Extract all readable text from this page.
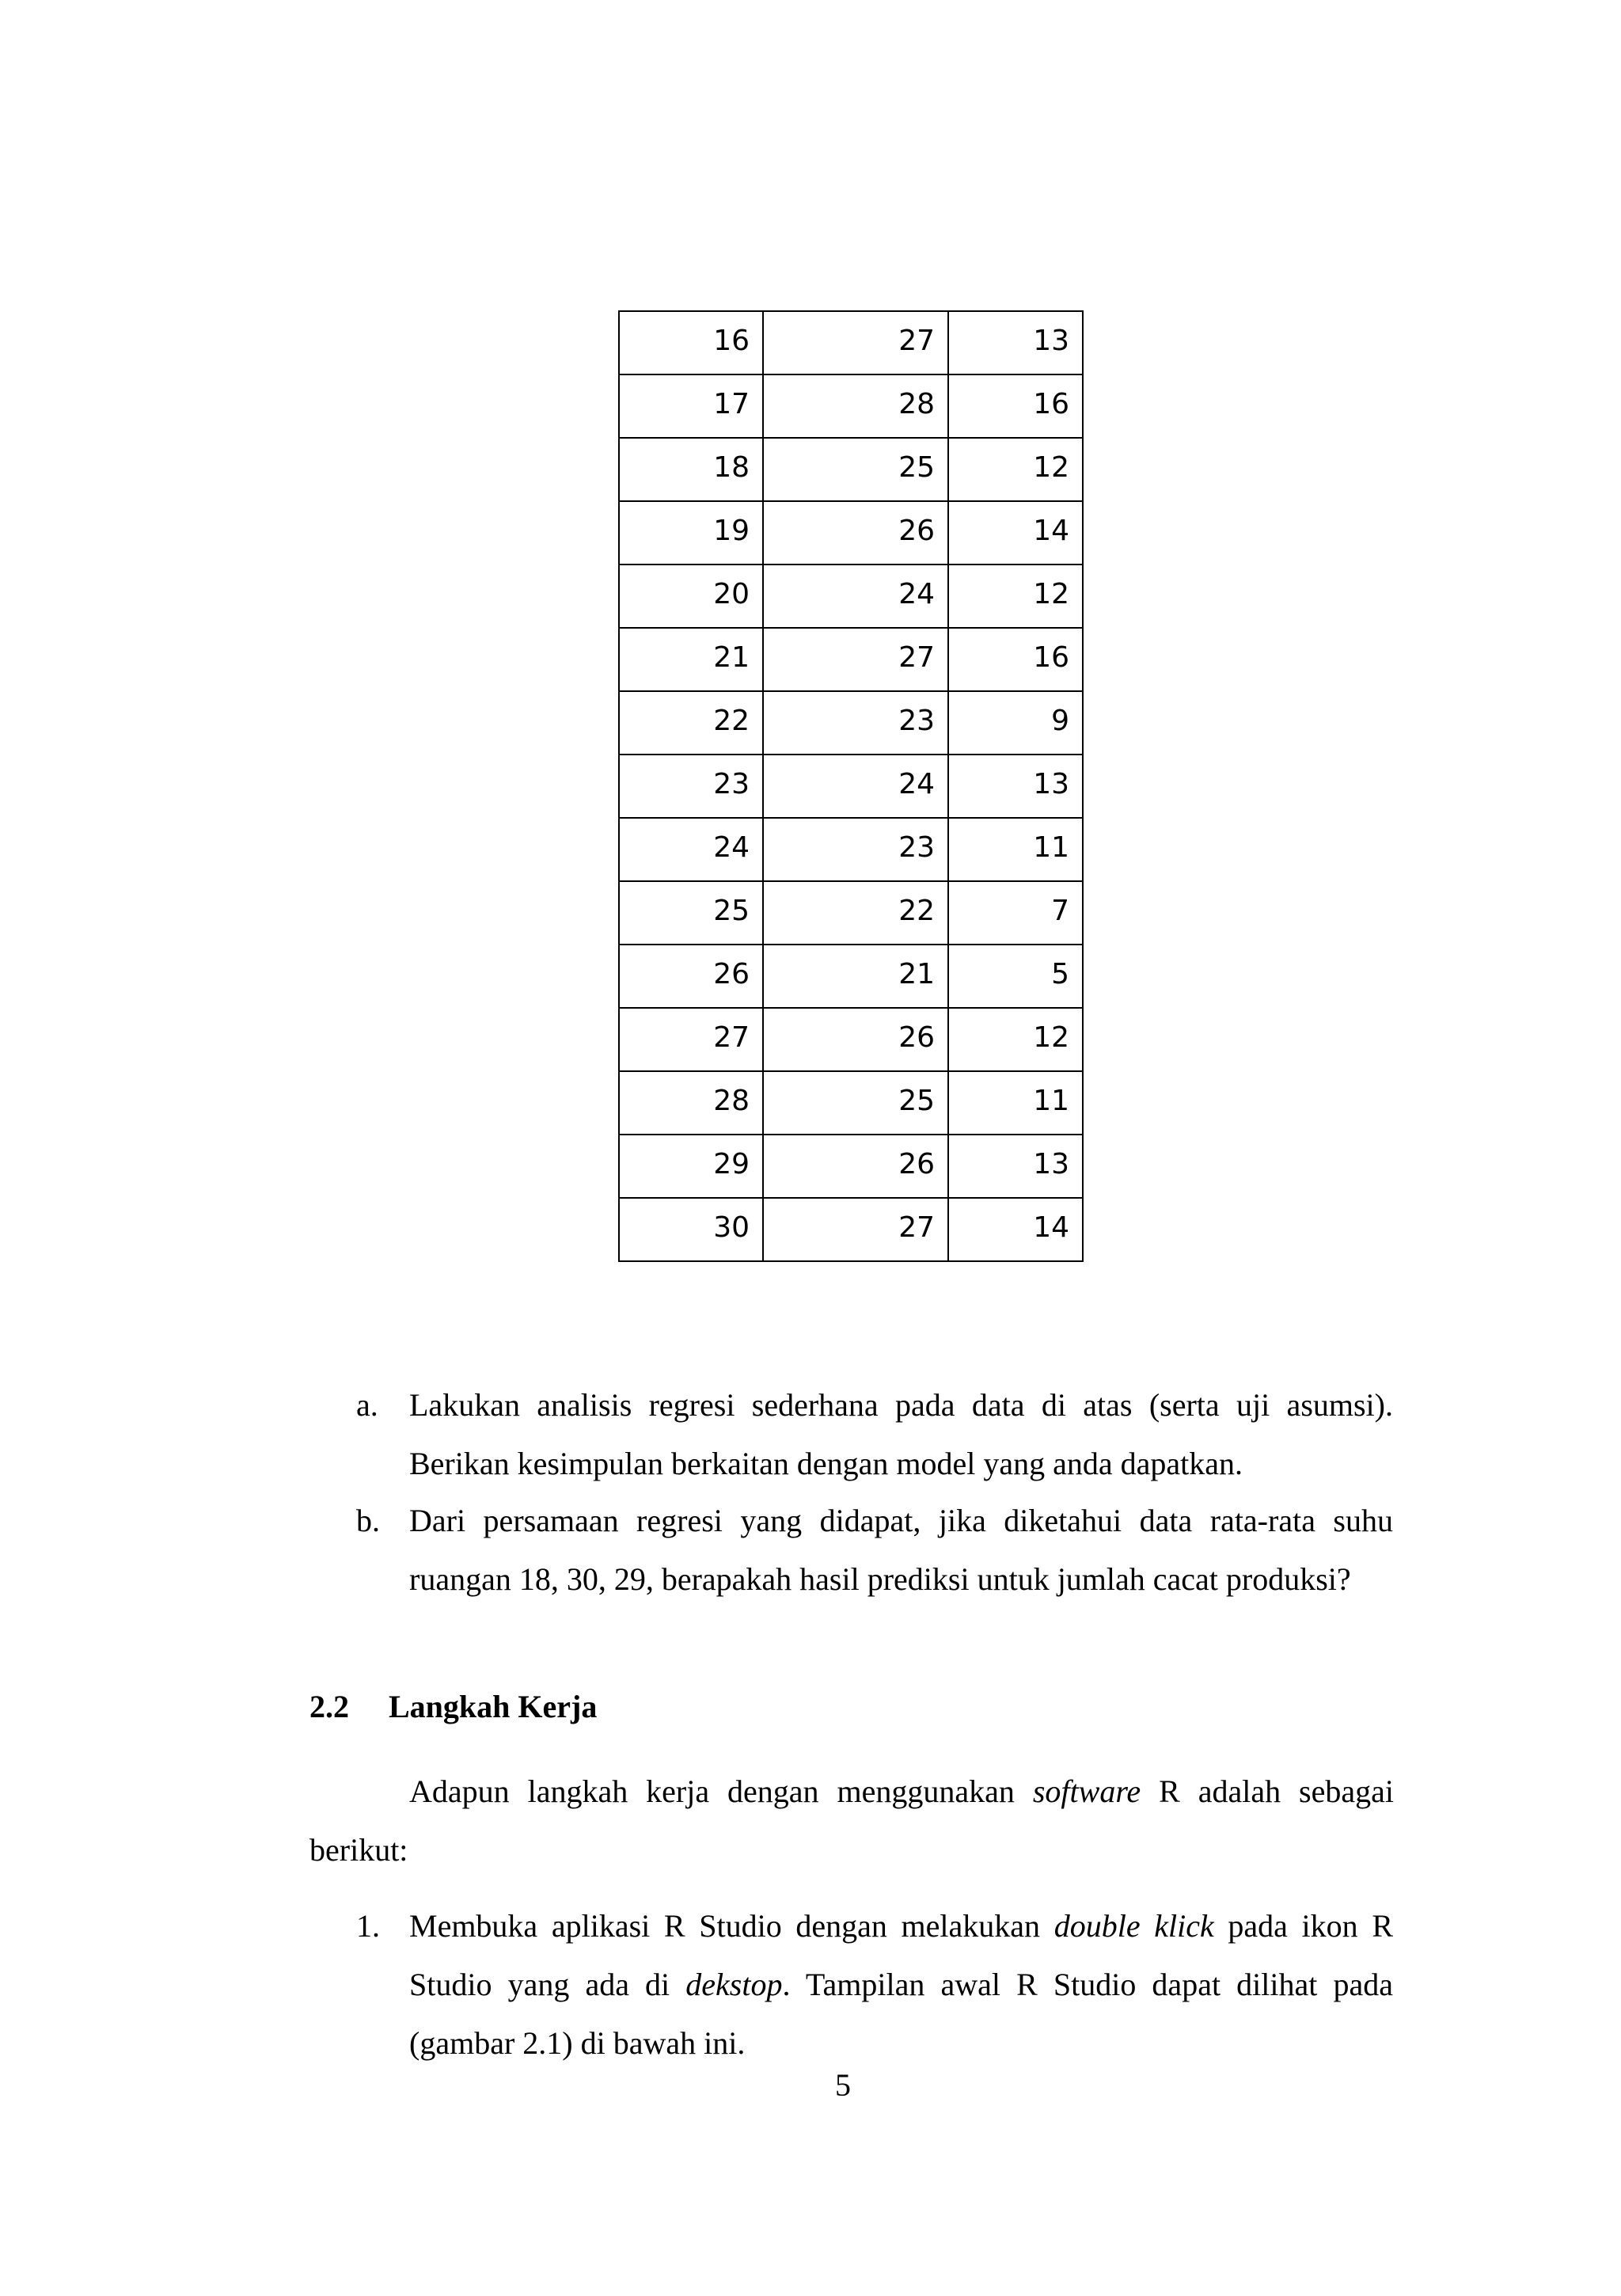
16	27	13
17	28	16
18	25	12
19	26	14
20	24	12
21	27	16
22	23	9
23	24	13
24	23	11
25	22	7
26	21	5
27	26	12
28	25	11
29	26	13
30	27	14
a. Lakukan analisis regresi sederhana pada data di atas (serta uji asumsi). Berikan kesimpulan berkaitan dengan model yang anda dapatkan.
b. Dari persamaan regresi yang didapat, jika diketahui data rata-rata suhu ruangan 18, 30, 29, berapakah hasil prediksi untuk jumlah cacat produksi?
2.2 Langkah Kerja

Adapun langkah kerja dengan menggunakan software R adalah sebagai berikut:

1. Membuka aplikasi R Studio dengan melakukan double klick pada ikon R Studio yang ada di dekstop. Tampilan awal R Studio dapat dilihat pada (gambar 2.1) di bawah ini.
5
